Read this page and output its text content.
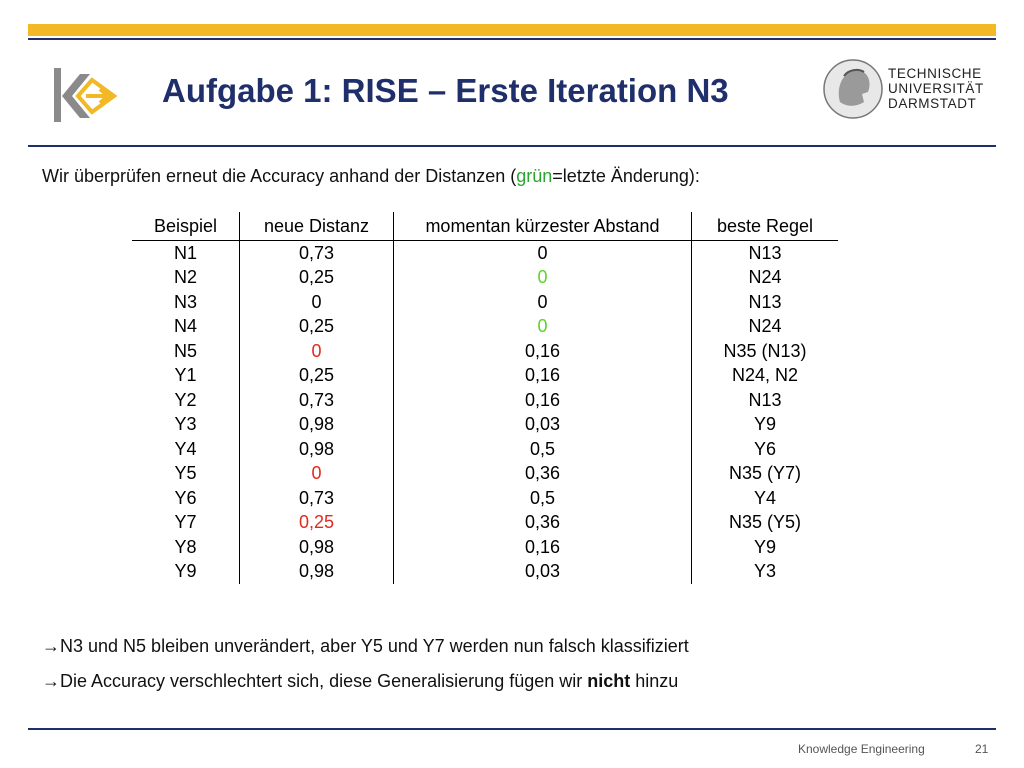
Aufgabe 1: RISE – Erste Iteration N3	TECHNISCHE
UNIVERSITÄT
DARMSTADT
Wir überprüfen erneut die Accuracy anhand der Distanzen (grün=letzte Änderung):
Beispiel	neue Distanz	momentan kürzester Abstand	beste Regel
N1	0,73	0	N13
N2	0,25	0	N24
N3	0	0	N13
N4	0,25	0	N24
N5	0	0,16	N35 (N13)
Y1	0,25	0,16	N24, N2
Y2	0,73	0,16	N13
Y3	0,98	0,03	Y9
Y4	0,98	0,5	Y6
Y5	0	0,36	N35 (Y7)
Y6	0,73	0,5	Y4
Y7	0,25	0,36	N35 (Y5)
Y8	0,98	0,16	Y9
Y9	0,98	0,03	Y3
→N3 und N5 bleiben unverändert, aber Y5 und Y7 werden nun falsch klassifiziert
→Die Accuracy verschlechtert sich, diese Generalisierung fügen wir nicht hinzu
Knowledge Engineering	21
